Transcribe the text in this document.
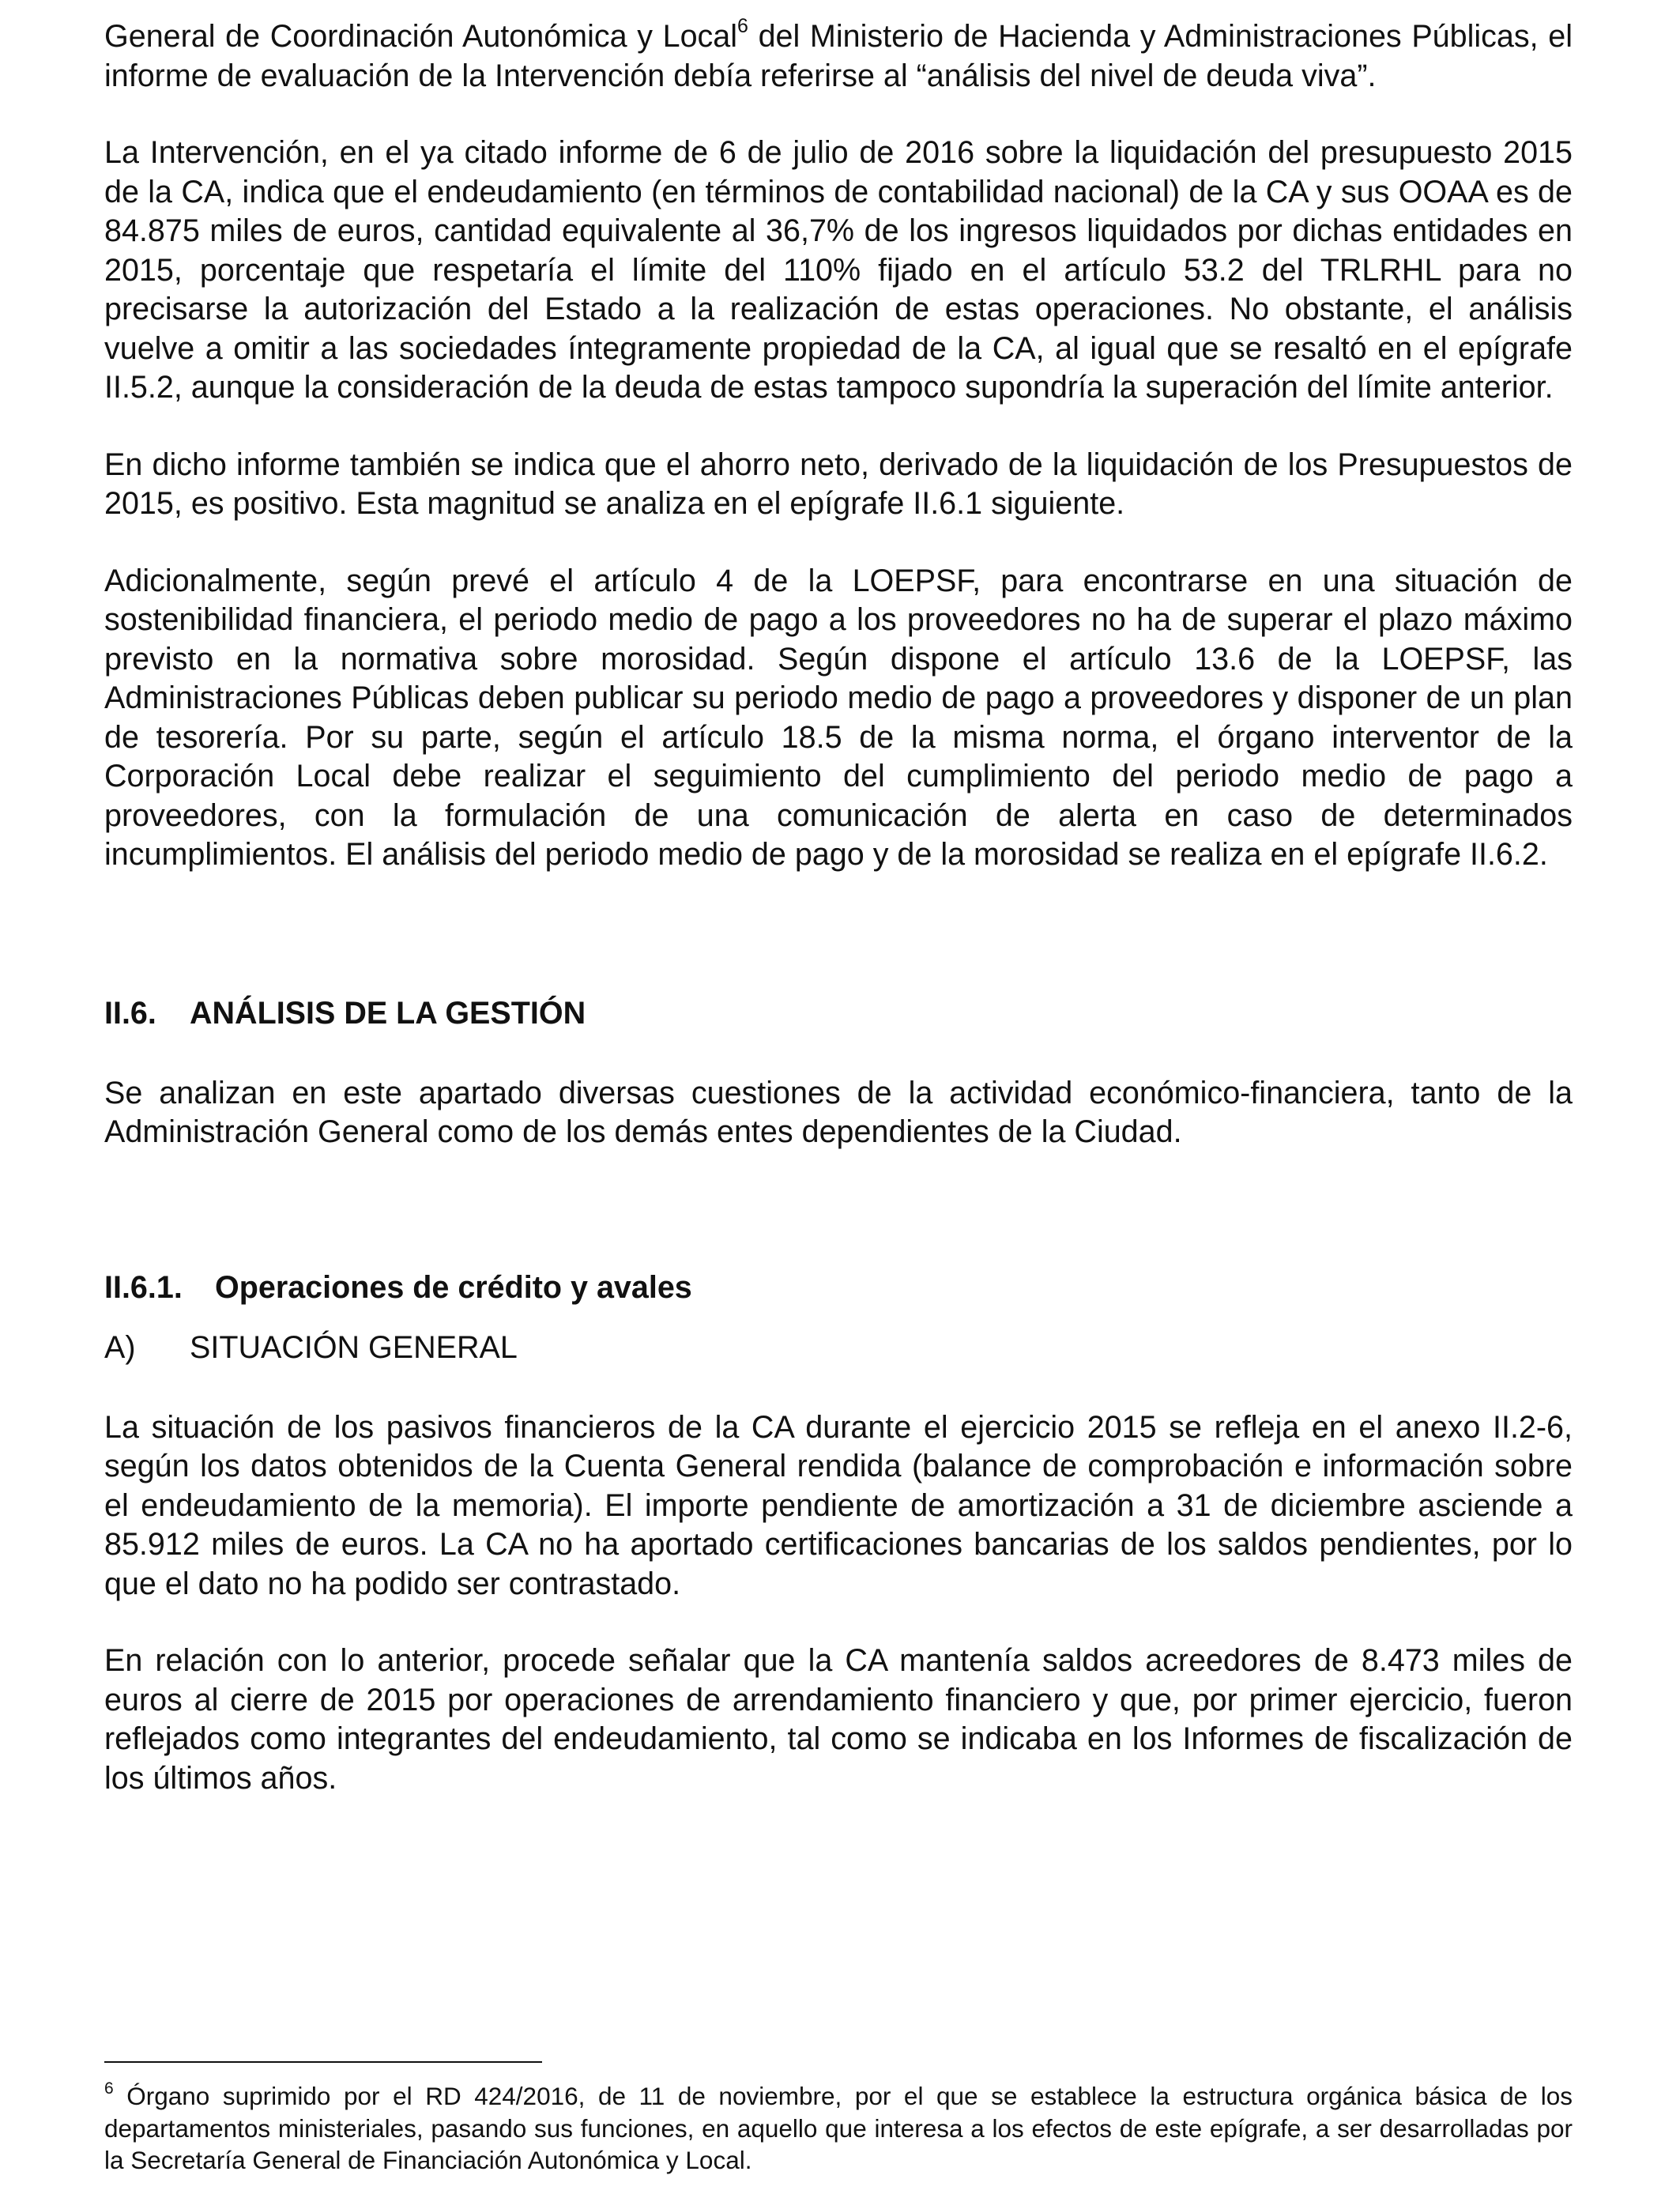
General de Coordinación Autonómica y Local$^6$ del Ministerio de Hacienda y Administraciones Públicas, el informe de evaluación de la Intervención debía referirse al “análisis del nivel de deuda viva”.

La Intervención, en el ya citado informe de 6 de julio de 2016 sobre la liquidación del presupuesto 2015 de la CA, indica que el endeudamiento (en términos de contabilidad nacional) de la CA y sus OOAA es de 84.875 miles de euros, cantidad equivalente al 36,7% de los ingresos liquidados por dichas entidades en 2015, porcentaje que respetaría el límite del 110% fijado en el artículo 53.2 del TRLRHL para no precisarse la autorización del Estado a la realización de estas operaciones. No obstante, el análisis vuelve a omitir a las sociedades íntegramente propiedad de la CA, al igual que se resaltó en el epígrafe II.5.2, aunque la consideración de la deuda de estas tampoco supondría la superación del límite anterior.

En dicho informe también se indica que el ahorro neto, derivado de la liquidación de los Presupuestos de 2015, es positivo. Esta magnitud se analiza en el epígrafe II.6.1 siguiente.

Adicionalmente, según prevé el artículo 4 de la LOEPSF, para encontrarse en una situación de sostenibilidad financiera, el periodo medio de pago a los proveedores no ha de superar el plazo máximo previsto en la normativa sobre morosidad. Según dispone el artículo 13.6 de la LOEPSF, las Administraciones Públicas deben publicar su periodo medio de pago a proveedores y disponer de un plan de tesorería. Por su parte, según el artículo 18.5 de la misma norma, el órgano interventor de la Corporación Local debe realizar el seguimiento del cumplimiento del periodo medio de pago a proveedores, con la formulación de una comunicación de alerta en caso de determinados incumplimientos. El análisis del periodo medio de pago y de la morosidad se realiza en el epígrafe II.6.2.

II.6. ANÁLISIS DE LA GESTIÓN

Se analizan en este apartado diversas cuestiones de la actividad económico-financiera, tanto de la Administración General como de los demás entes dependientes de la Ciudad.

II.6.1. Operaciones de crédito y avales
A) SITUACIÓN GENERAL

La situación de los pasivos financieros de la CA durante el ejercicio 2015 se refleja en el anexo II.2-6, según los datos obtenidos de la Cuenta General rendida (balance de comprobación e información sobre el endeudamiento de la memoria). El importe pendiente de amortización a 31 de diciembre asciende a 85.912 miles de euros. La CA no ha aportado certificaciones bancarias de los saldos pendientes, por lo que el dato no ha podido ser contrastado.

En relación con lo anterior, procede señalar que la CA mantenía saldos acreedores de 8.473 miles de euros al cierre de 2015 por operaciones de arrendamiento financiero y que, por primer ejercicio, fueron reflejados como integrantes del endeudamiento, tal como se indicaba en los Informes de fiscalización de los últimos años.

$^6$ Órgano suprimido por el RD 424/2016, de 11 de noviembre, por el que se establece la estructura orgánica básica de los departamentos ministeriales, pasando sus funciones, en aquello que interesa a los efectos de este epígrafe, a ser desarrolladas por la Secretaría General de Financiación Autonómica y Local.
